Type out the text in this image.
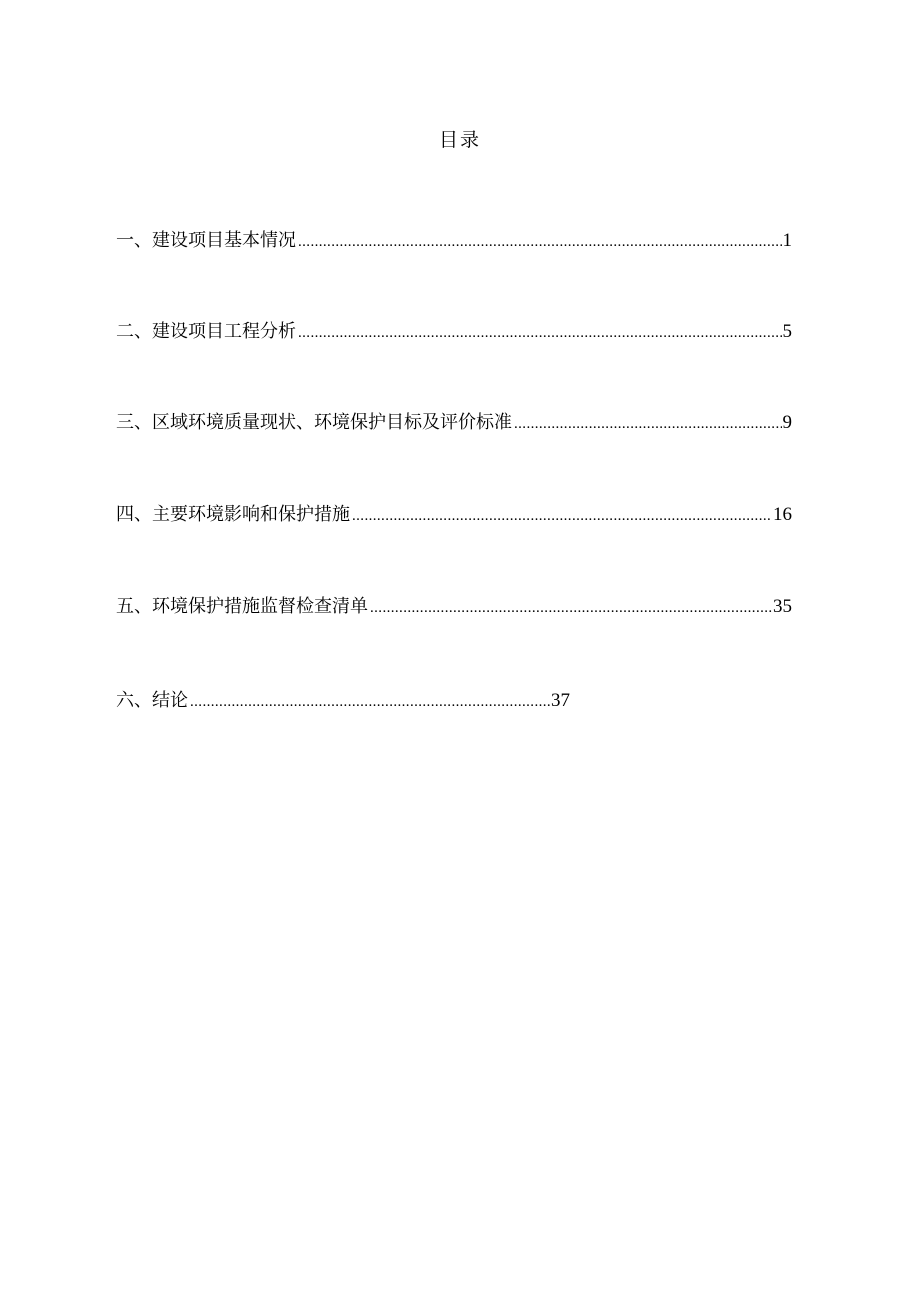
目录
一、建设项目基本情况 .....	1
二、建设项目工程分析 .....	5
三、区域环境质量现状、环境保护目标及评价标准 .....	9
四、主要环境影响和保护措施 .....	16
五、环境保护措施监督检查清单 .....	35
六、结论 .....	37
